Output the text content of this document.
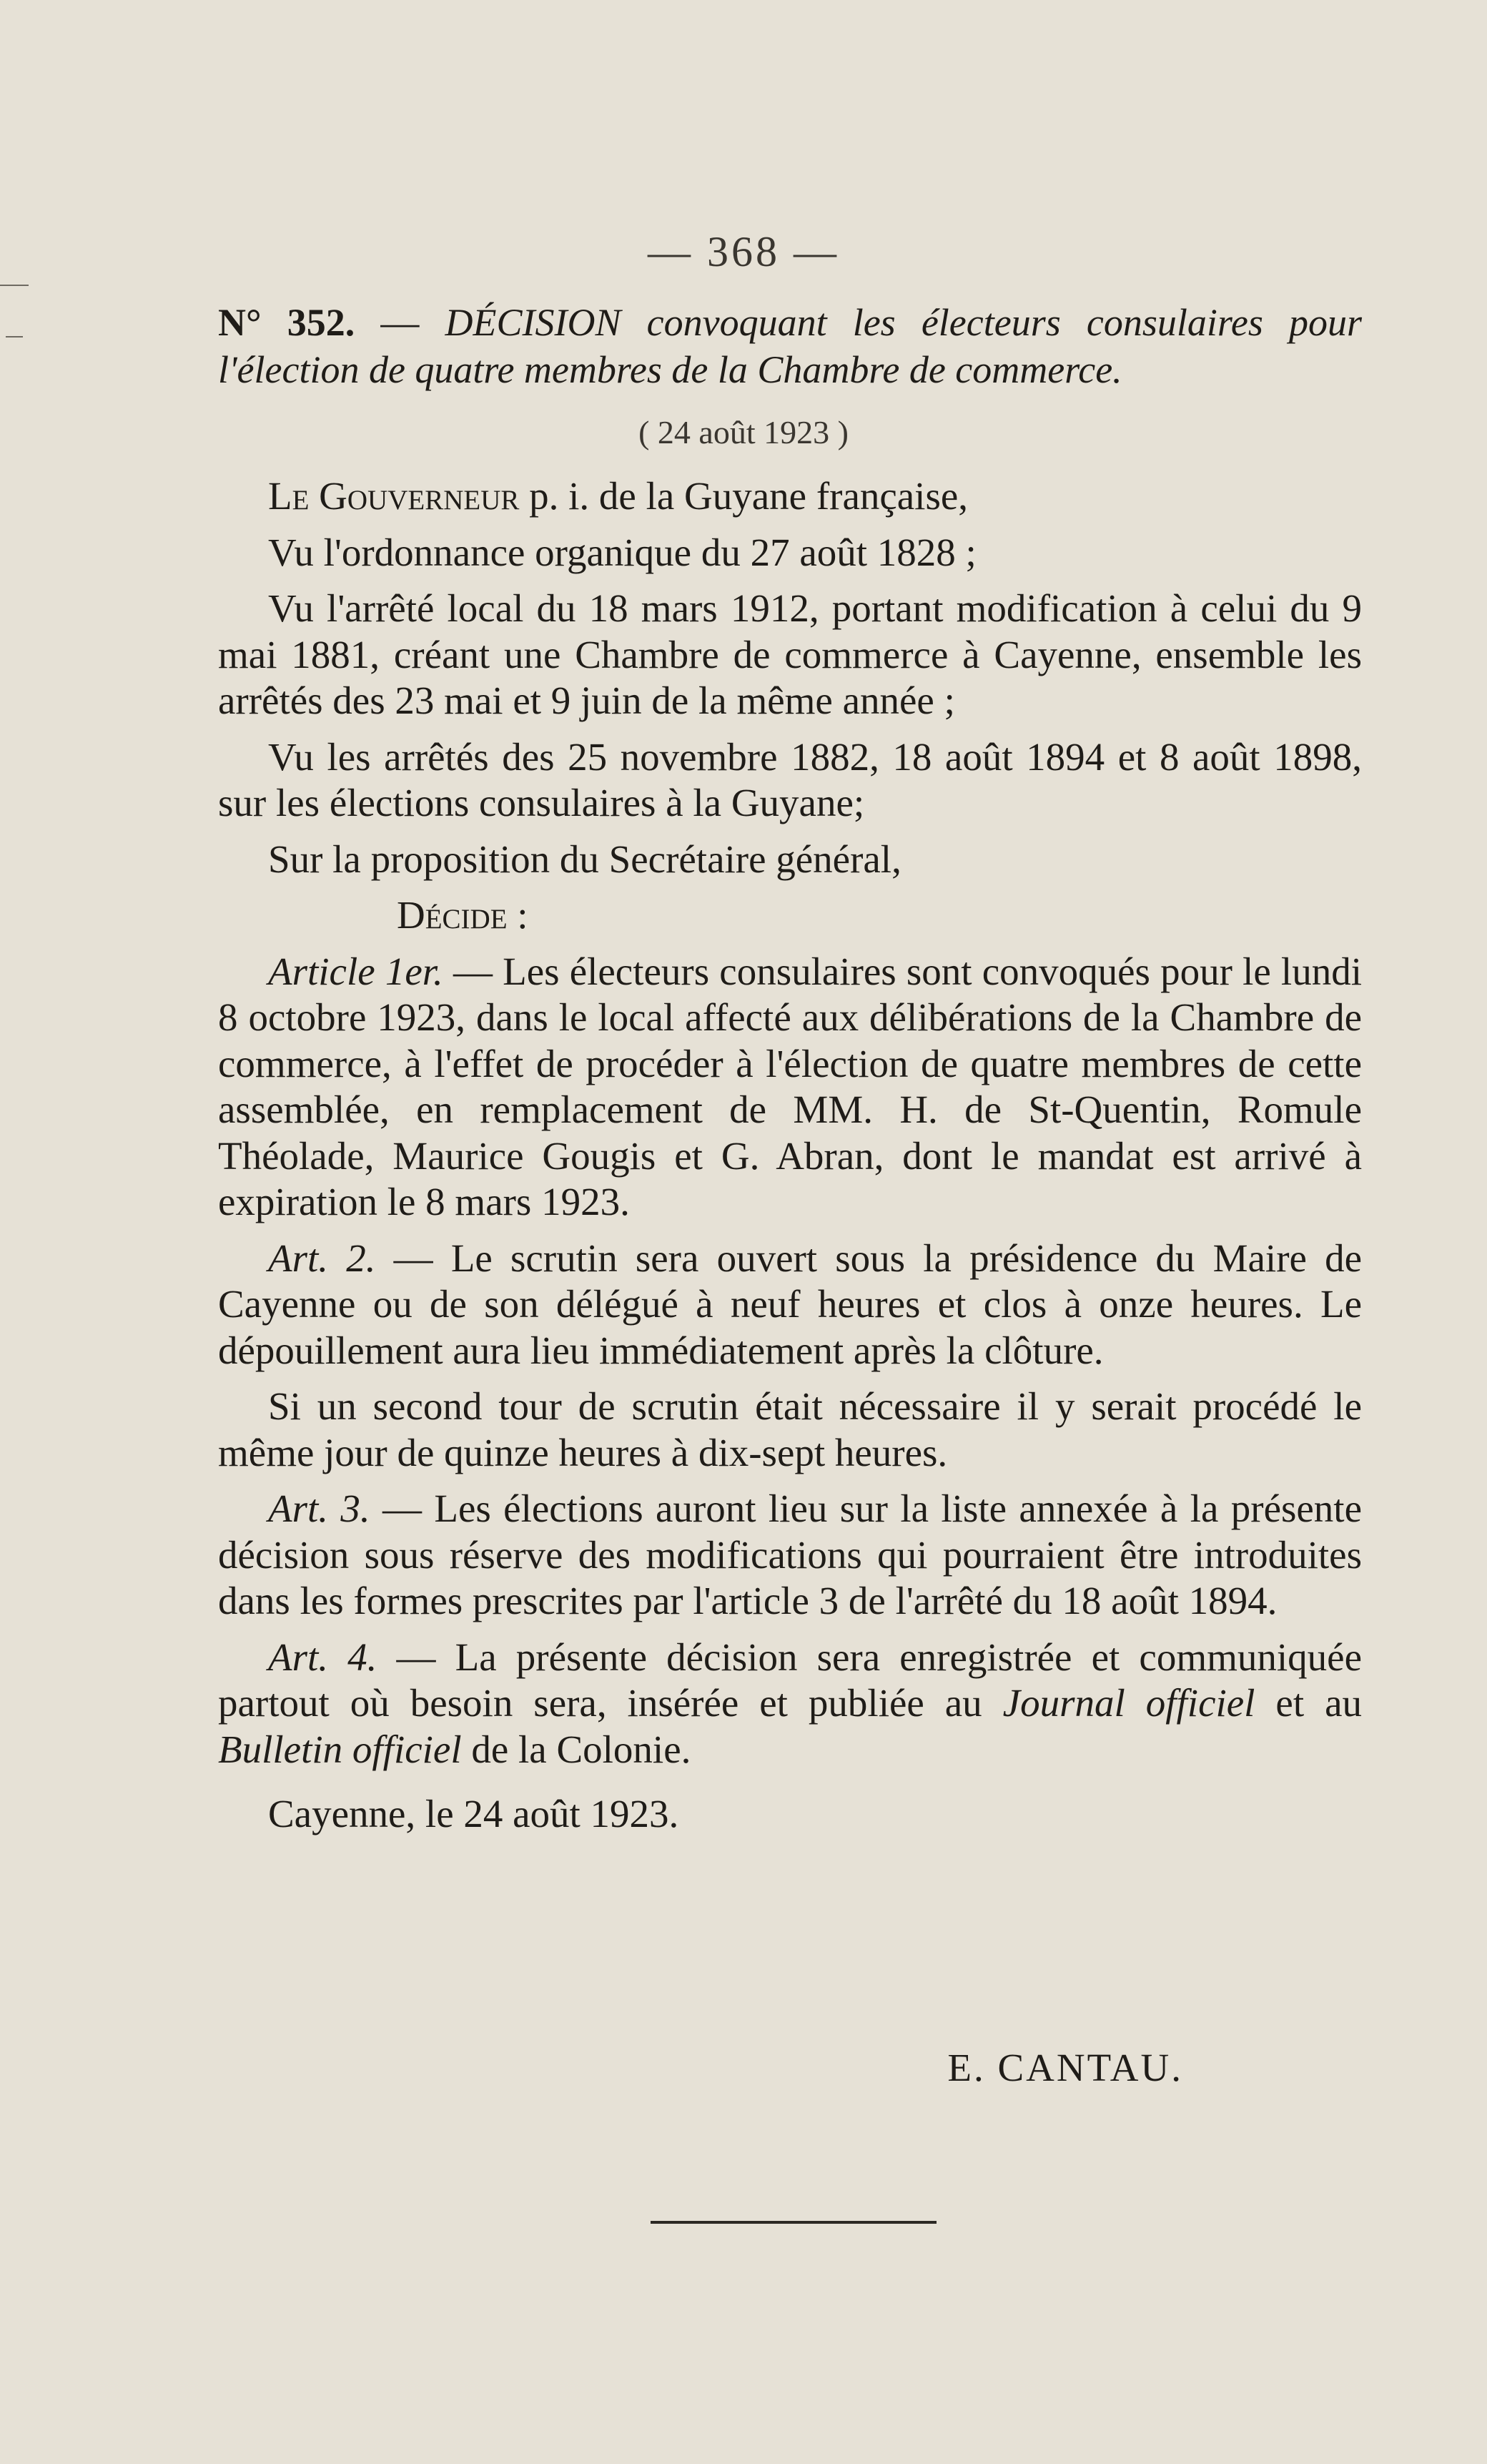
— 368 —
N° 352. — DÉCISION convoquant les électeurs consulaires pour l'élection de quatre membres de la Chambre de commerce.
( 24 août 1923 )

Le Gouverneur p. i. de la Guyane française,

Vu l'ordonnance organique du 27 août 1828 ;

Vu l'arrêté local du 18 mars 1912, portant modification à celui du 9 mai 1881, créant une Chambre de commerce à Cayenne, ensemble les arrêtés des 23 mai et 9 juin de la même année ;

Vu les arrêtés des 25 novembre 1882, 18 août 1894 et 8 août 1898, sur les élections consulaires à la Guyane;

Sur la proposition du Secrétaire général,

Décide :

Article 1er. — Les électeurs consulaires sont convoqués pour le lundi 8 octobre 1923, dans le local affecté aux délibérations de la Chambre de commerce, à l'effet de procéder à l'élection de quatre membres de cette assemblée, en remplacement de MM. H. de St-Quentin, Romule Théolade, Maurice Gougis et G. Abran, dont le mandat est arrivé à expiration le 8 mars 1923.

Art. 2. — Le scrutin sera ouvert sous la présidence du Maire de Cayenne ou de son délégué à neuf heures et clos à onze heures. Le dépouillement aura lieu immédiatement après la clôture.

Si un second tour de scrutin était nécessaire il y serait procédé le même jour de quinze heures à dix-sept heures.

Art. 3. — Les élections auront lieu sur la liste annexée à la présente décision sous réserve des modifications qui pourraient être introduites dans les formes prescrites par l'article 3 de l'arrêté du 18 août 1894.

Art. 4. — La présente décision sera enregistrée et communiquée partout où besoin sera, insérée et publiée au Journal officiel et au Bulletin officiel de la Colonie.

Cayenne, le 24 août 1923.

E. CANTAU.
